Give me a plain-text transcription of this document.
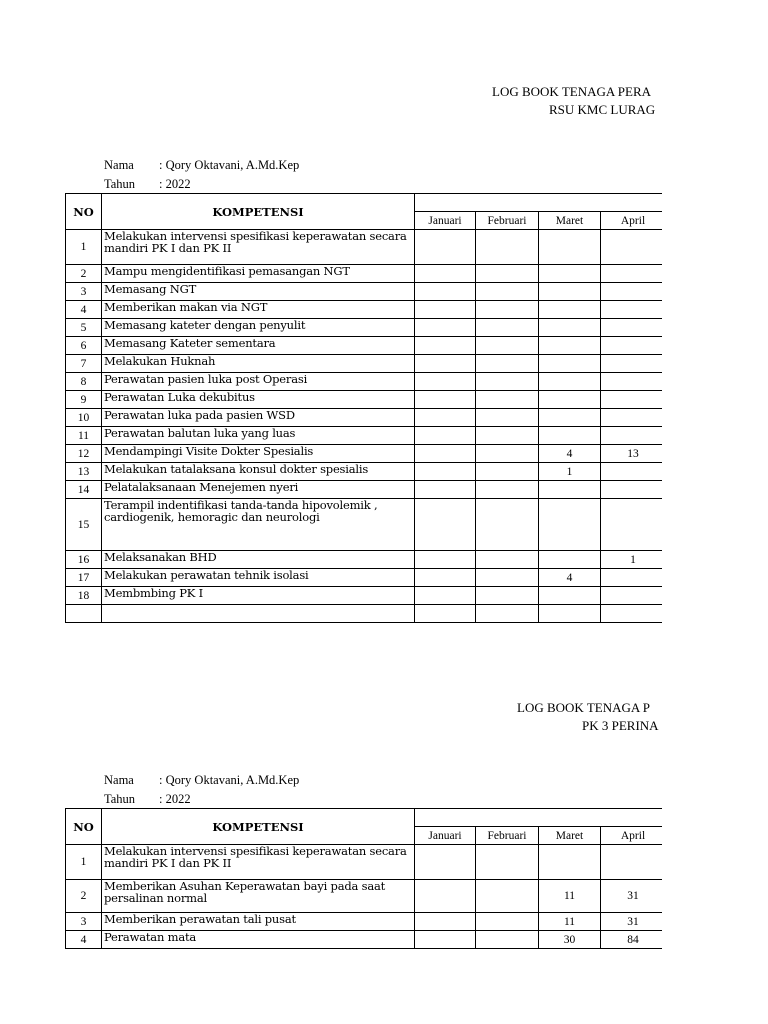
LOG BOOK TENAGA PERA
RSU KMC LURAG
Nama : Qory Oktavani, A.Md.Kep
Tahun : 2022
NO	KOMPETENSI				
		Januari	Februari	Maret	April
1	Melakukan intervensi spesifikasi keperawatan secara mandiri PK I dan PK II				
2	Mampu mengidentifikasi pemasangan NGT				
3	Memasang NGT				
4	Memberikan makan via NGT				
5	Memasang kateter dengan penyulit				
6	Memasang Kateter sementara				
7	Melakukan Huknah				
8	Perawatan pasien luka post Operasi				
9	Perawatan Luka dekubitus				
10	Perawatan luka pada pasien WSD				
11	Perawatan balutan luka yang luas				
12	Mendampingi Visite Dokter Spesialis			4	13
13	Melakukan tatalaksana konsul dokter spesialis			1	
14	Pelatalaksanaan Menejemen nyeri				
15	Terampil indentifikasi tanda-tanda hipovolemik , cardiogenik, hemoragic dan neurologi				
16	Melaksanakan BHD				1
17	Melakukan perawatan tehnik isolasi			4	
18	Membmbing PK I				

LOG BOOK TENAGA P
PK 3 PERINA
Nama : Qory Oktavani, A.Md.Kep
Tahun : 2022
NO	KOMPETENSI				
		Januari	Februari	Maret	April
1	Melakukan intervensi spesifikasi keperawatan secara mandiri PK I dan PK II				
2	Memberikan Asuhan Keperawatan bayi pada saat persalinan normal			11	31
3	Memberikan perawatan tali pusat			11	31
4	Perawatan mata			30	84
